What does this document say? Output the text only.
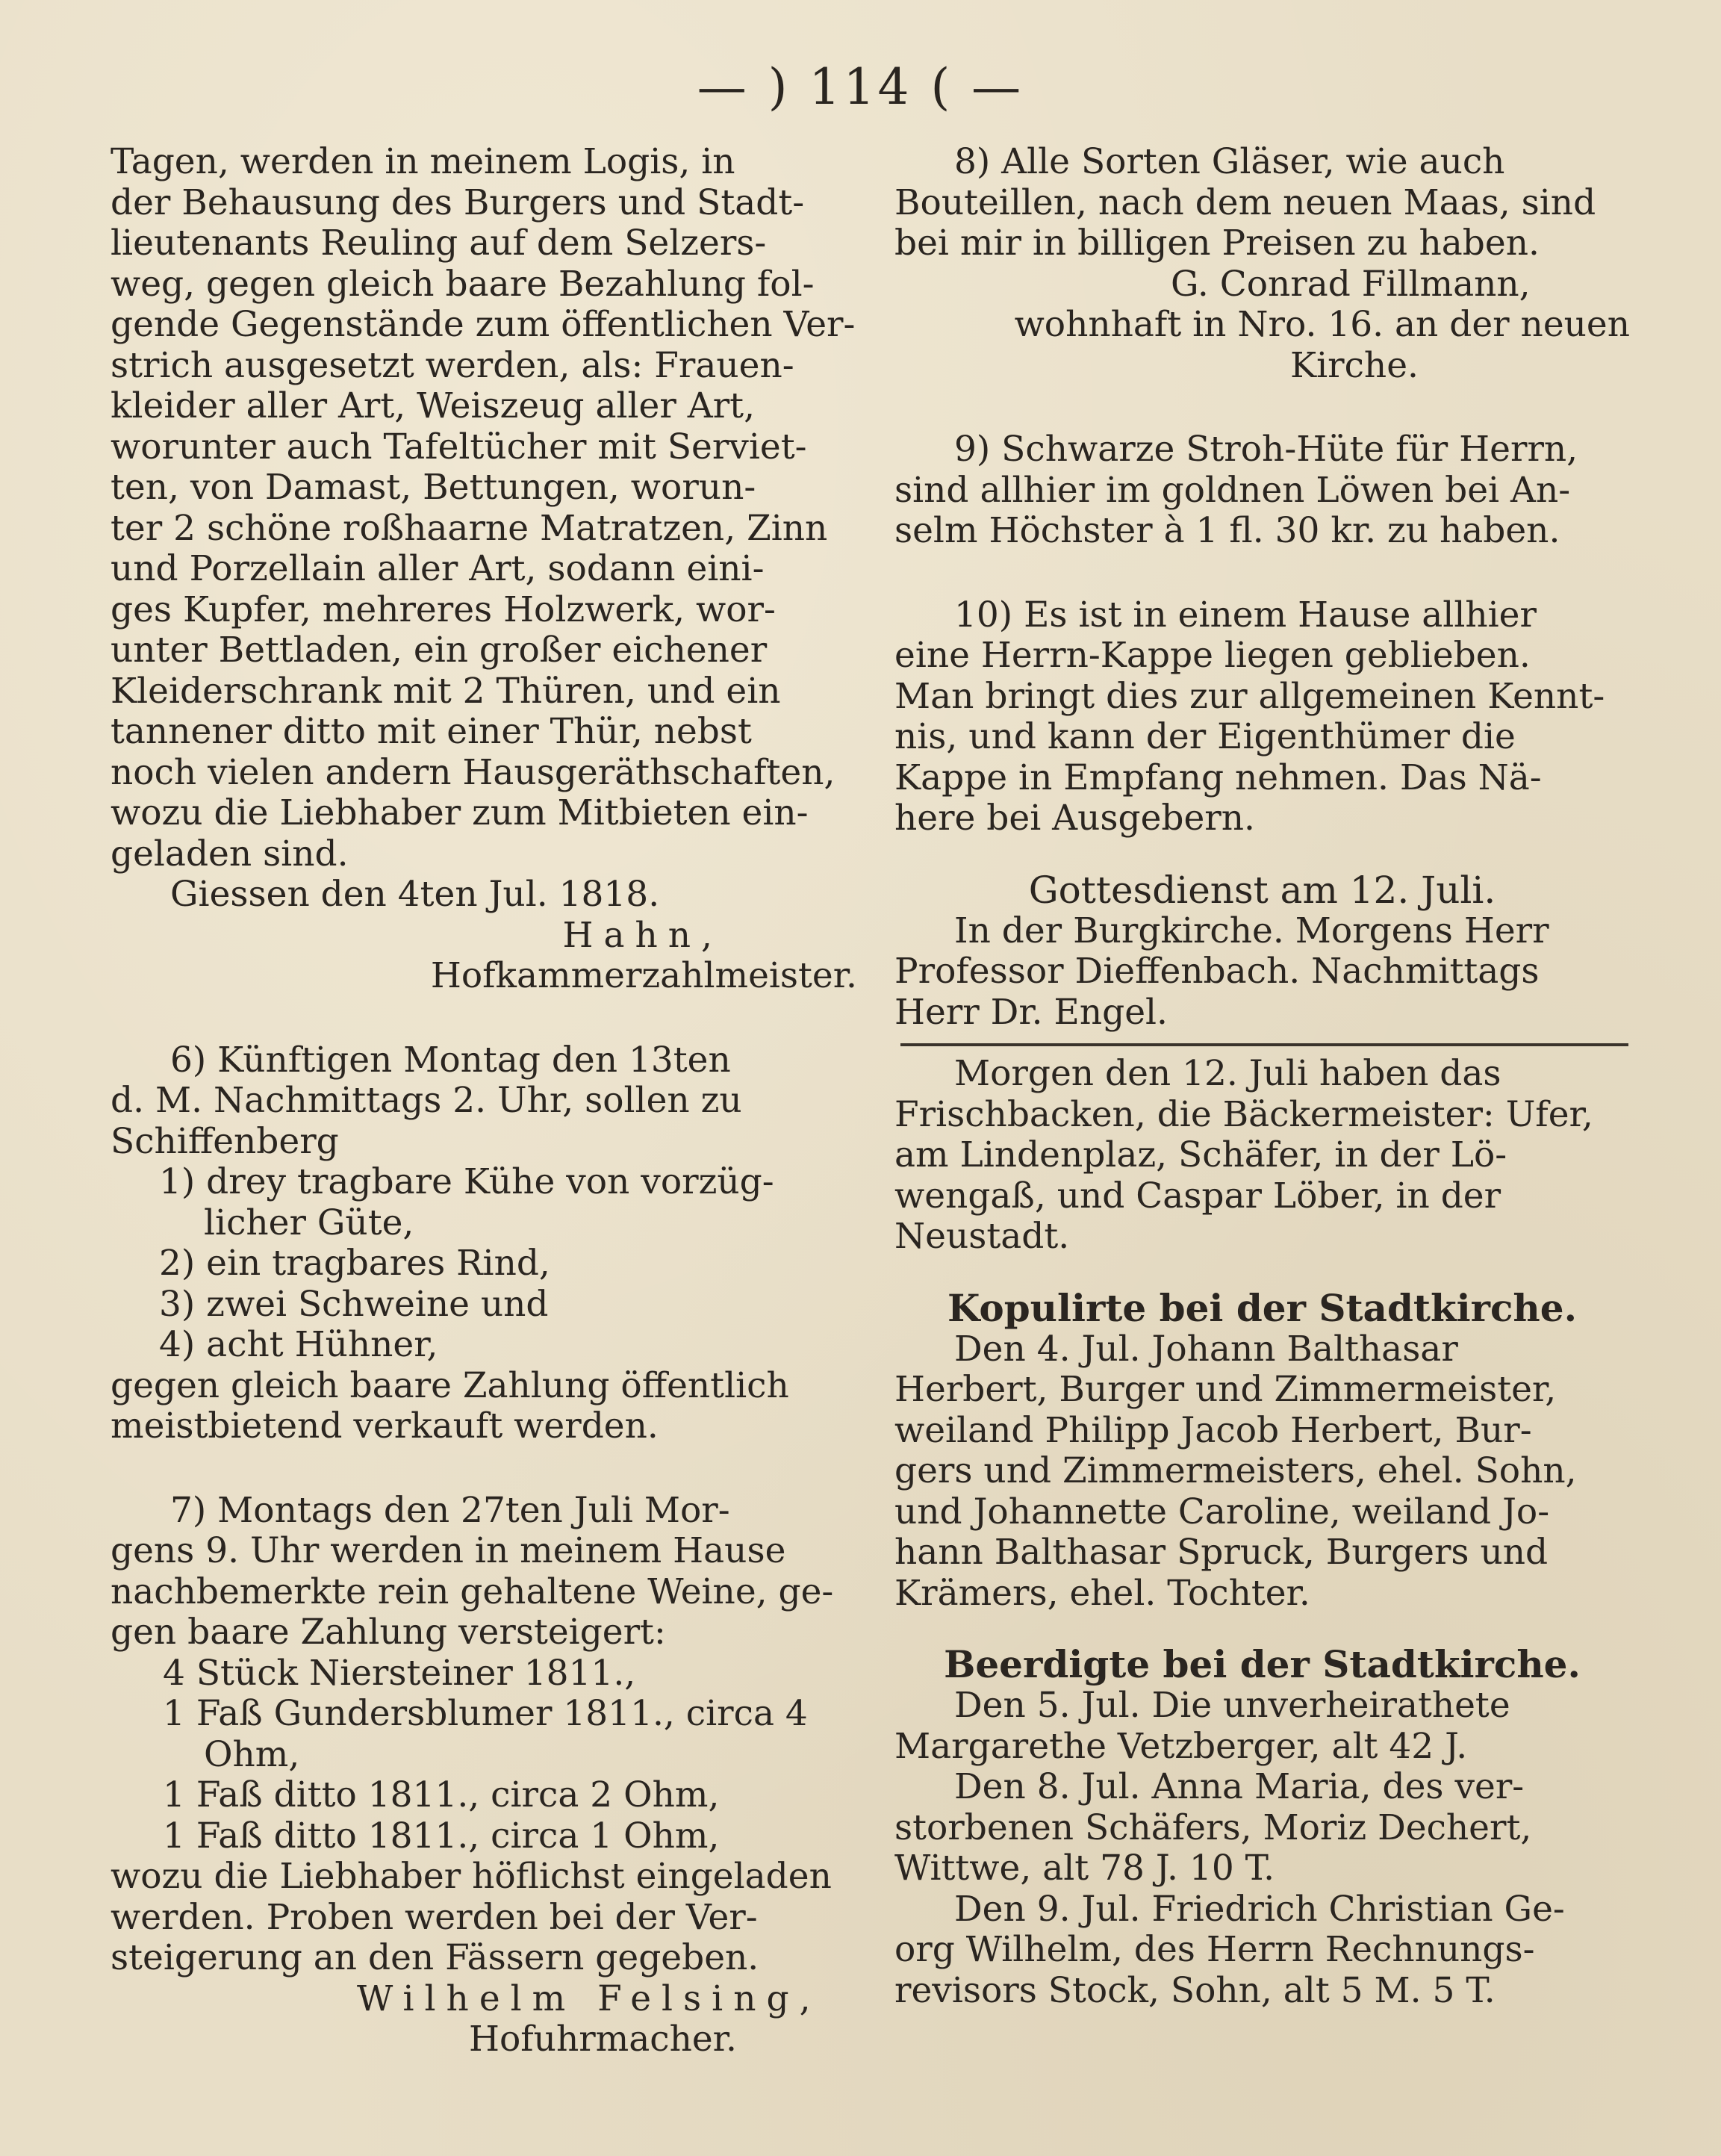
— ) 114 ( —

Tagen, werden in meinem Logis, in

der Behausung des Burgers und Stadt-

lieutenants Reuling auf dem Selzers-

weg, gegen gleich baare Bezahlung fol-

gende Gegenstände zum öffentlichen Ver-

strich ausgesetzt werden, als: Frauen-

kleider aller Art, Weiszeug aller Art,

worunter auch Tafeltücher mit Serviet-

ten, von Damast, Bettungen, worun-

ter 2 schöne roßhaarne Matratzen, Zinn

und Porzellain aller Art, sodann eini-

ges Kupfer, mehreres Holzwerk, wor-

unter Bettladen, ein großer eichener

Kleiderschrank mit 2 Thüren, und ein

tannener ditto mit einer Thür, nebst

noch vielen andern Hausgeräthschaften,

wozu die Liebhaber zum Mitbieten ein-

geladen sind.

Giessen den 4ten Jul. 1818.

Hahn,

Hofkammerzahlmeister.

6) Künftigen Montag den 13ten

d. M. Nachmittags 2. Uhr, sollen zu

Schiffenberg

1) drey tragbare Kühe von vorzüg-

licher Güte,

2) ein tragbares Rind,

3) zwei Schweine und

4) acht Hühner,

gegen gleich baare Zahlung öffentlich

meistbietend verkauft werden.

7) Montags den 27ten Juli Mor-

gens 9. Uhr werden in meinem Hause

nachbemerkte rein gehaltene Weine, ge-

gen baare Zahlung versteigert:

4 Stück Niersteiner 1811.,

1 Faß Gundersblumer 1811., circa 4

Ohm,

1 Faß ditto 1811., circa 2 Ohm,

1 Faß ditto 1811., circa 1 Ohm,

wozu die Liebhaber höflichst eingeladen

werden. Proben werden bei der Ver-

steigerung an den Fässern gegeben.

Wilhelm Felsing,

Hofuhrmacher.

8) Alle Sorten Gläser, wie auch

Bouteillen, nach dem neuen Maas, sind

bei mir in billigen Preisen zu haben.

G. Conrad Fillmann,

wohnhaft in Nro. 16. an der neuen

Kirche.

9) Schwarze Stroh-Hüte für Herrn,

sind allhier im goldnen Löwen bei An-

selm Höchster à 1 fl. 30 kr. zu haben.

10) Es ist in einem Hause allhier

eine Herrn-Kappe liegen geblieben.

Man bringt dies zur allgemeinen Kennt-

nis, und kann der Eigenthümer die

Kappe in Empfang nehmen. Das Nä-

here bei Ausgebern.

Gottesdienst am 12. Juli.

In der Burgkirche. Morgens Herr

Professor Dieffenbach. Nachmittags

Herr Dr. Engel.

Morgen den 12. Juli haben das

Frischbacken, die Bäckermeister: Ufer,

am Lindenplaz, Schäfer, in der Lö-

wengaß, und Caspar Löber, in der

Neustadt.

Kopulirte bei der Stadtkirche.

Den 4. Jul. Johann Balthasar

Herbert, Burger und Zimmermeister,

weiland Philipp Jacob Herbert, Bur-

gers und Zimmermeisters, ehel. Sohn,

und Johannette Caroline, weiland Jo-

hann Balthasar Spruck, Burgers und

Krämers, ehel. Tochter.

Beerdigte bei der Stadtkirche.

Den 5. Jul. Die unverheirathete

Margarethe Vetzberger, alt 42 J.

Den 8. Jul. Anna Maria, des ver-

storbenen Schäfers, Moriz Dechert,

Wittwe, alt 78 J. 10 T.

Den 9. Jul. Friedrich Christian Ge-

org Wilhelm, des Herrn Rechnungs-

revisors Stock, Sohn, alt 5 M. 5 T.
